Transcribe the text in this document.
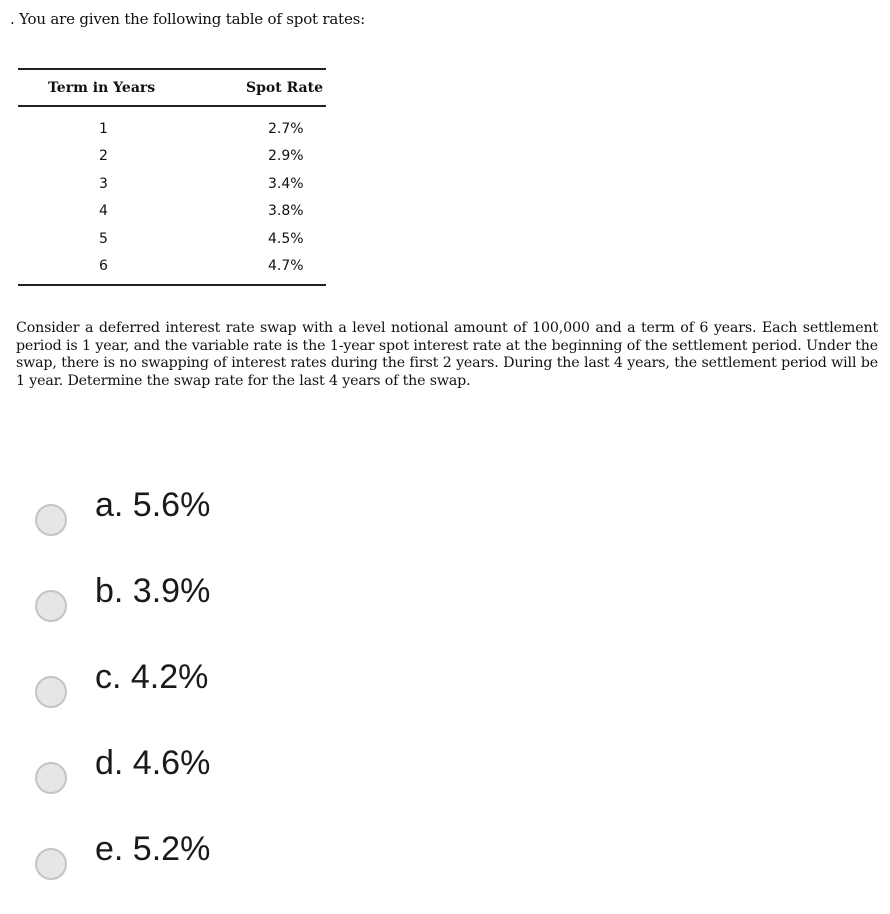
. You are given the following table of spot rates:
Term in Years	Spot Rate
1	2.7%
2	2.9%
3	3.4%
4	3.8%
5	4.5%
6	4.7%
Consider a deferred interest rate swap with a level notional amount of 100,000 and a term of 6 years. Each settlement period is 1 year, and the variable rate is the 1-year spot interest rate at the beginning of the settlement period. Under the swap, there is no swapping of interest rates during the first 2 years. During the last 4 years, the settlement period will be 1 year. Determine the swap rate for the last 4 years of the swap.
a. 5.6%
b. 3.9%
c. 4.2%
d. 4.6%
e. 5.2%
